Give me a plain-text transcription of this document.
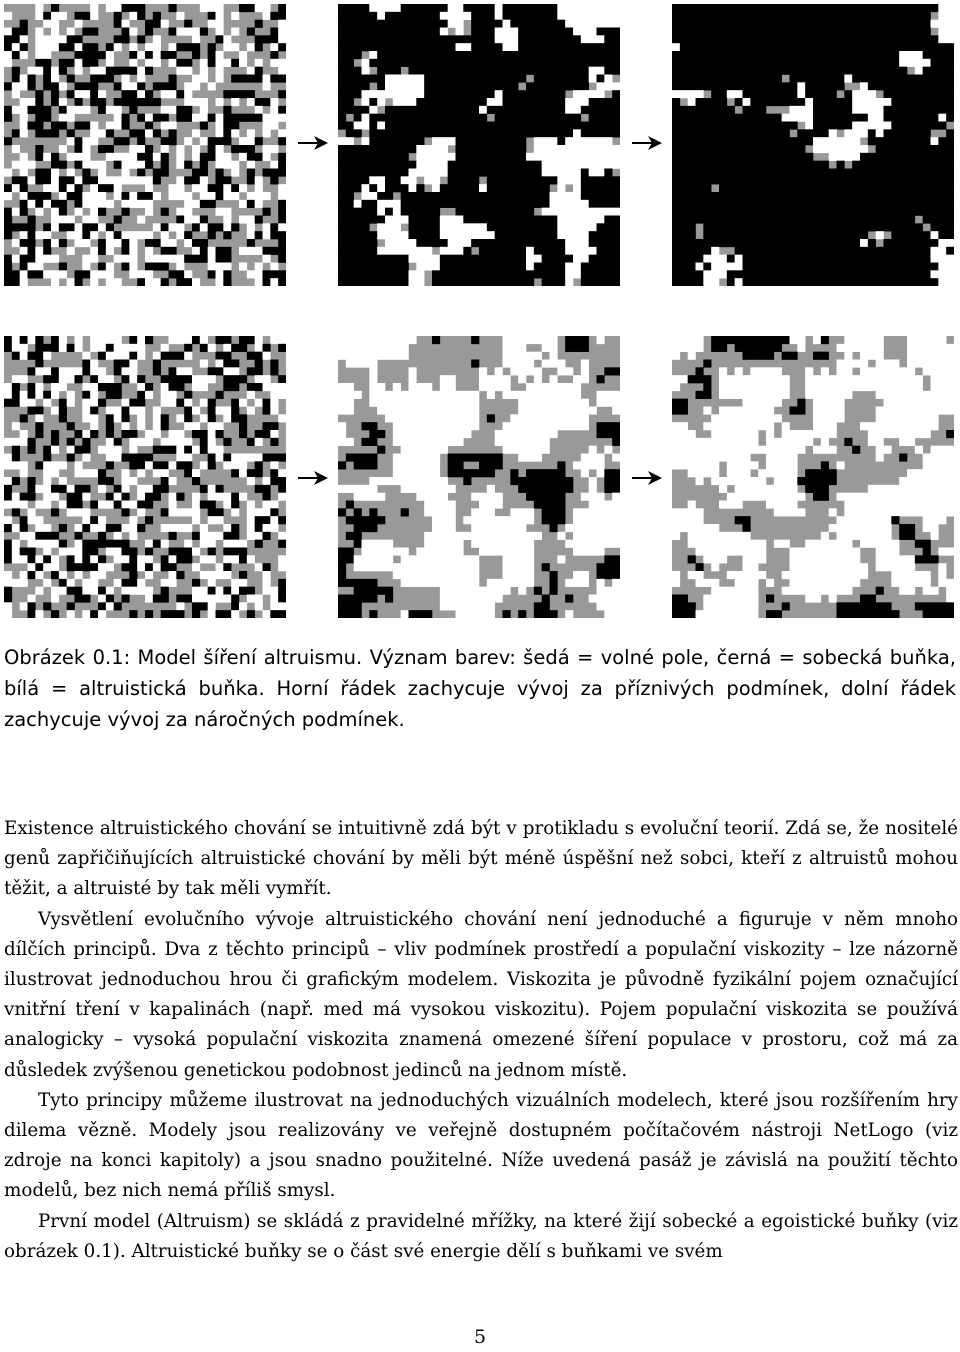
Obrázek 0.1: Model šíření altruismu. Význam barev: šedá = volné pole, černá = sobecká buňka, bílá = altruistická buňka. Horní řádek zachycuje vývoj za příznivých podmínek, dolní řádek zachycuje vývoj za náročných podmínek.

Existence altruistického chování se intuitivně zdá být v protikladu s evoluční teorií. Zdá se, že nositelé genů zapřičiňujících altruistické chování by měli být méně úspěšní než sobci, kteří z altruistů mohou těžit, a altruisté by tak měli vymřít.

Vysvětlení evolučního vývoje altruistického chování není jednoduché a figuruje v něm mnoho dílčích principů. Dva z těchto principů – vliv podmínek prostředí a populační viskozity – lze názorně ilustrovat jednoduchou hrou či grafickým modelem. Viskozita je původně fyzikální pojem označující vnitřní tření v kapalinách (např. med má vysokou viskozitu). Pojem populační viskozita se používá analogicky – vysoká populační viskozita znamená omezené šíření populace v prostoru, což má za důsledek zvýšenou genetickou podobnost jedinců na jednom místě.

Tyto principy můžeme ilustrovat na jednoduchých vizuálních modelech, které jsou rozšířením hry dilema vězně. Modely jsou realizovány ve veřejně dostupném počítačovém nástroji NetLogo (viz zdroje na konci kapitoly) a jsou snadno použitelné. Níže uvedená pasáž je závislá na použití těchto modelů, bez nich nemá příliš smysl.

První model (Altruism) se skládá z pravidelné mřížky, na které žijí sobecké a egoistické buňky (viz obrázek 0.1). Altruistické buňky se o část své energie dělí s buňkami ve svém

5
